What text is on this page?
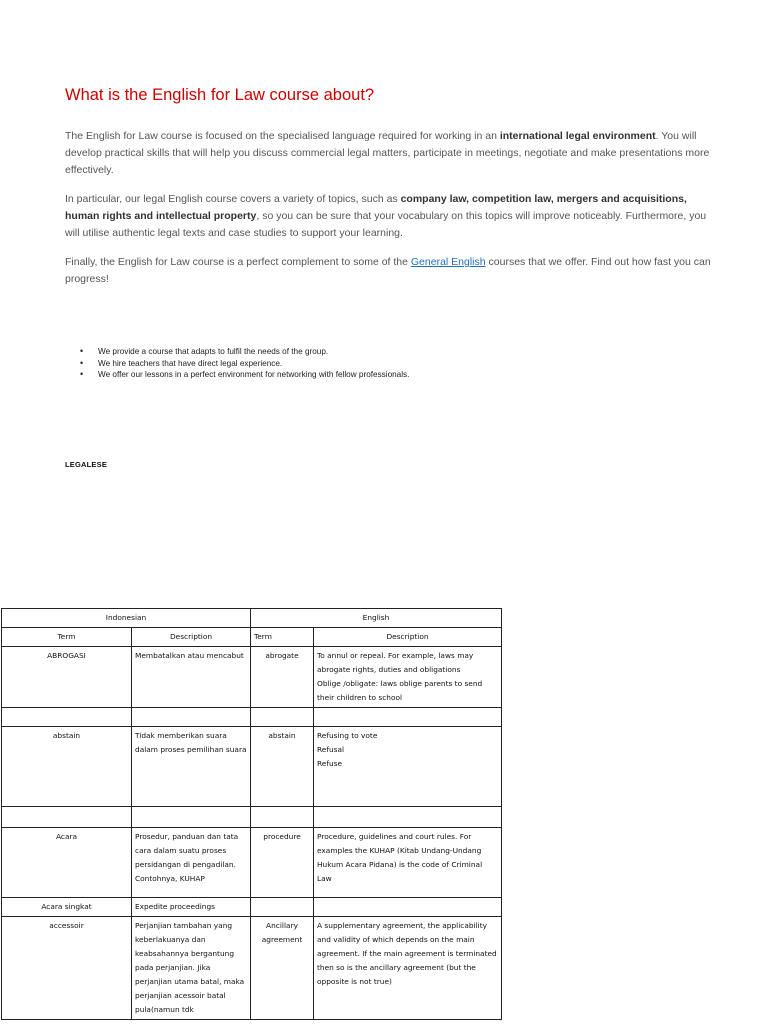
What is the English for Law course about?

The English for Law course is focused on the specialised language required for working in an international legal environment. You will develop practical skills that will help you discuss commercial legal matters, participate in meetings, negotiate and make presentations more effectively.

In particular, our legal English course covers a variety of topics, such as company law, competition law, mergers and acquisitions, human rights and intellectual property, so you can be sure that your vocabulary on this topics will improve noticeably. Furthermore, you will utilise authentic legal texts and case studies to support your learning.

Finally, the English for Law course is a perfect complement to some of the General English courses that we offer. Find out how fast you can progress!

• We provide a course that adapts to fulfil the needs of the group.
• We hire teachers that have direct legal experience.
• We offer our lessons in a perfect environment for networking with fellow professionals.
LEGALESE
Indonesian		English	
Term	Description	Term	Description
ABROGASI	Membatalkan atau mencabut	abrogate	To annul or repeal. For example, laws may abrogate rights, duties and obligations
Oblige /obligate: laws oblige parents to send their children to school

abstain	Tidak memberikan suara dalam proses pemilihan suara	abstain	Refusing to vote
Refusal
Refuse

Acara	Prosedur, panduan dan tata cara dalam suatu proses persidangan di pengadilan. Contohnya, KUHAP	procedure	Procedure, guidelines and court rules. For examples the KUHAP (Kitab Undang-Undang Hukum Acara Pidana) is the code of Criminal Law
Acara singkat	Expedite proceedings		
accessoir	Perjanjian tambahan yang keberlakuanya dan keabsahannya bergantung pada perjanjian. Jika perjanjian utama batal, maka perjanjian acessoir batal pula(namun tdk	Ancillary agreement	A supplementary agreement, the applicability and validity of which depends on the main agreement. If the main agreement is terminated then so is the ancillary agreement (but the opposite is not true)
